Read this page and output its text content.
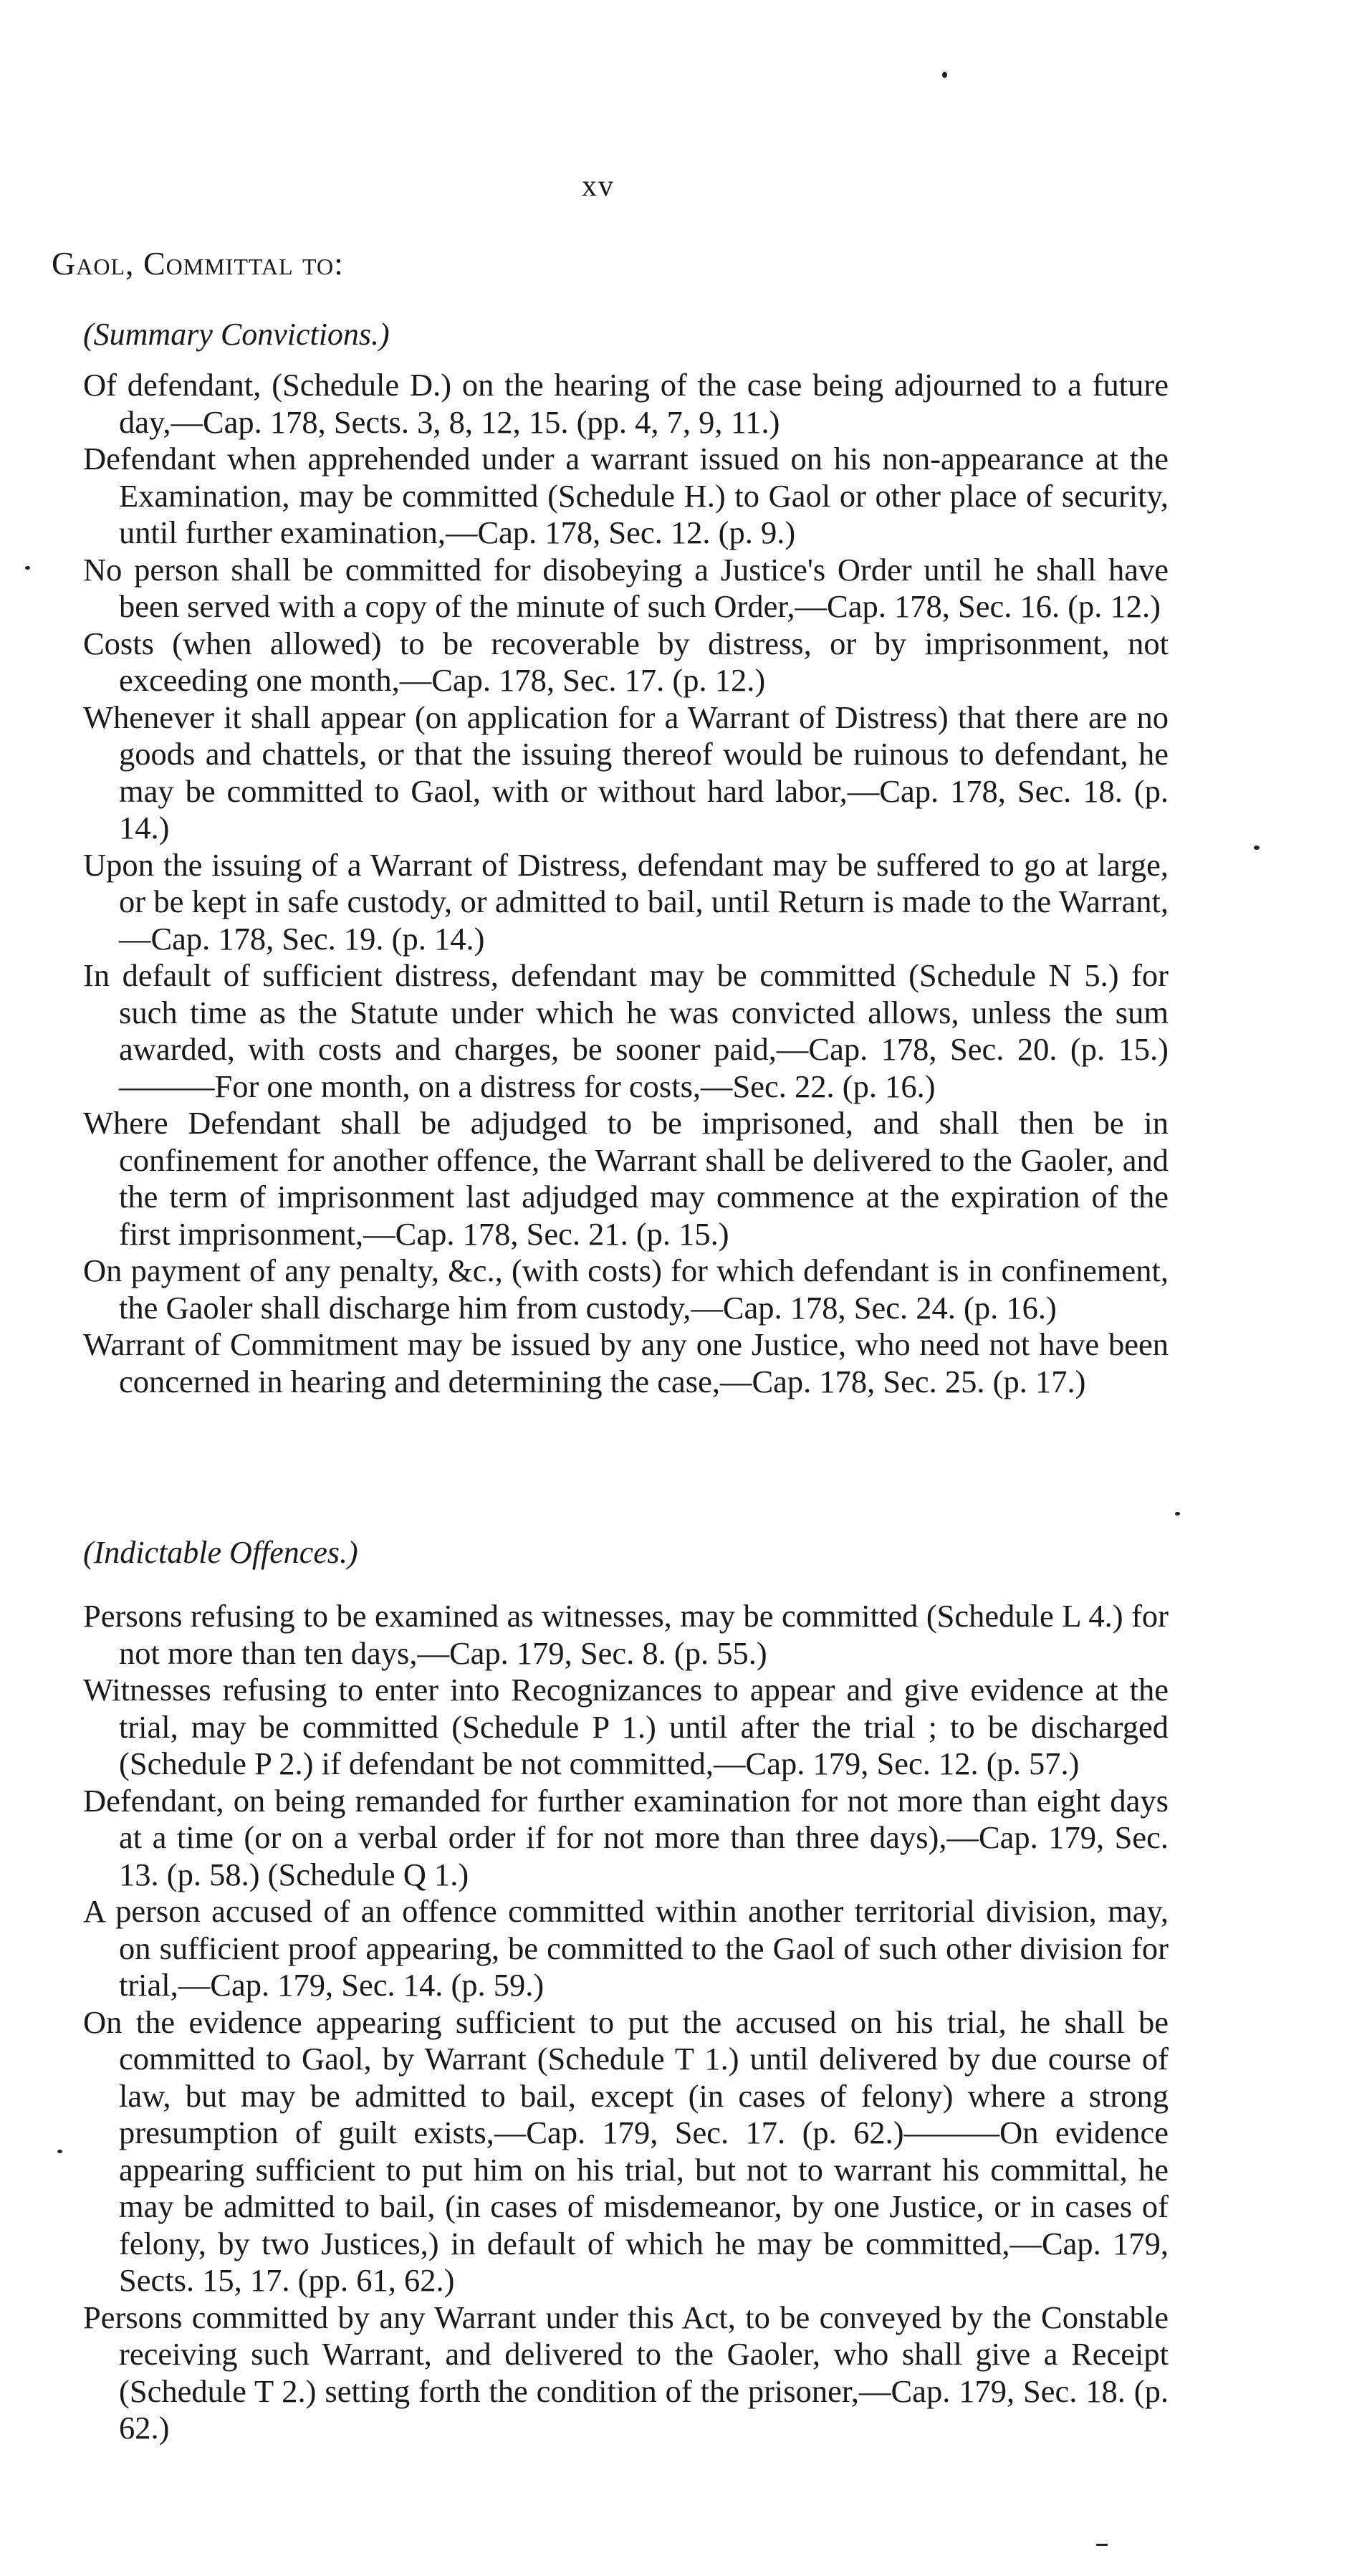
xv
Gaol, Committal to:
(Summary Convictions.)
Of defendant, (Schedule D.) on the hearing of the case being adjourned to a future day,—Cap. 178, Sects. 3, 8, 12, 15. (pp. 4, 7, 9, 11.)
Defendant when apprehended under a warrant issued on his non-appearance at the Examination, may be committed (Schedule H.) to Gaol or other place of security, until further examination,—Cap. 178, Sec. 12. (p. 9.)
No person shall be committed for disobeying a Justice's Order until he shall have been served with a copy of the minute of such Order,—Cap. 178, Sec. 16. (p. 12.)
Costs (when allowed) to be recoverable by distress, or by imprisonment, not exceeding one month,—Cap. 178, Sec. 17. (p. 12.)
Whenever it shall appear (on application for a Warrant of Distress) that there are no goods and chattels, or that the issuing thereof would be ruinous to defendant, he may be committed to Gaol, with or without hard labor,—Cap. 178, Sec. 18. (p. 14.)
Upon the issuing of a Warrant of Distress, defendant may be suffered to go at large, or be kept in safe custody, or admitted to bail, until Return is made to the Warrant,—Cap. 178, Sec. 19. (p. 14.)
In default of sufficient distress, defendant may be committed (Schedule N 5.) for such time as the Statute under which he was convicted allows, unless the sum awarded, with costs and charges, be sooner paid,—Cap. 178, Sec. 20. (p. 15.)———For one month, on a distress for costs,—Sec. 22. (p. 16.)
Where Defendant shall be adjudged to be imprisoned, and shall then be in confinement for another offence, the Warrant shall be delivered to the Gaoler, and the term of imprisonment last adjudged may commence at the expiration of the first imprisonment,—Cap. 178, Sec. 21. (p. 15.)
On payment of any penalty, &c., (with costs) for which defendant is in confinement, the Gaoler shall discharge him from custody,—Cap. 178, Sec. 24. (p. 16.)
Warrant of Commitment may be issued by any one Justice, who need not have been concerned in hearing and determining the case,—Cap. 178, Sec. 25. (p. 17.)
(Indictable Offences.)
Persons refusing to be examined as witnesses, may be committed (Schedule L 4.) for not more than ten days,—Cap. 179, Sec. 8. (p. 55.)
Witnesses refusing to enter into Recognizances to appear and give evidence at the trial, may be committed (Schedule P 1.) until after the trial ; to be discharged (Schedule P 2.) if defendant be not committed,—Cap. 179, Sec. 12. (p. 57.)
Defendant, on being remanded for further examination for not more than eight days at a time (or on a verbal order if for not more than three days),—Cap. 179, Sec. 13. (p. 58.) (Schedule Q 1.)
A person accused of an offence committed within another territorial division, may, on sufficient proof appearing, be committed to the Gaol of such other division for trial,—Cap. 179, Sec. 14. (p. 59.)
On the evidence appearing sufficient to put the accused on his trial, he shall be committed to Gaol, by Warrant (Schedule T 1.) until delivered by due course of law, but may be admitted to bail, except (in cases of felony) where a strong presumption of guilt exists,—Cap. 179, Sec. 17. (p. 62.)———On evidence appearing sufficient to put him on his trial, but not to warrant his committal, he may be admitted to bail, (in cases of misdemeanor, by one Justice, or in cases of felony, by two Justices,) in default of which he may be committed,—Cap. 179, Sects. 15, 17. (pp. 61, 62.)
Persons committed by any Warrant under this Act, to be conveyed by the Constable receiving such Warrant, and delivered to the Gaoler, who shall give a Receipt (Schedule T 2.) setting forth the condition of the prisoner,—Cap. 179, Sec. 18. (p. 62.)
